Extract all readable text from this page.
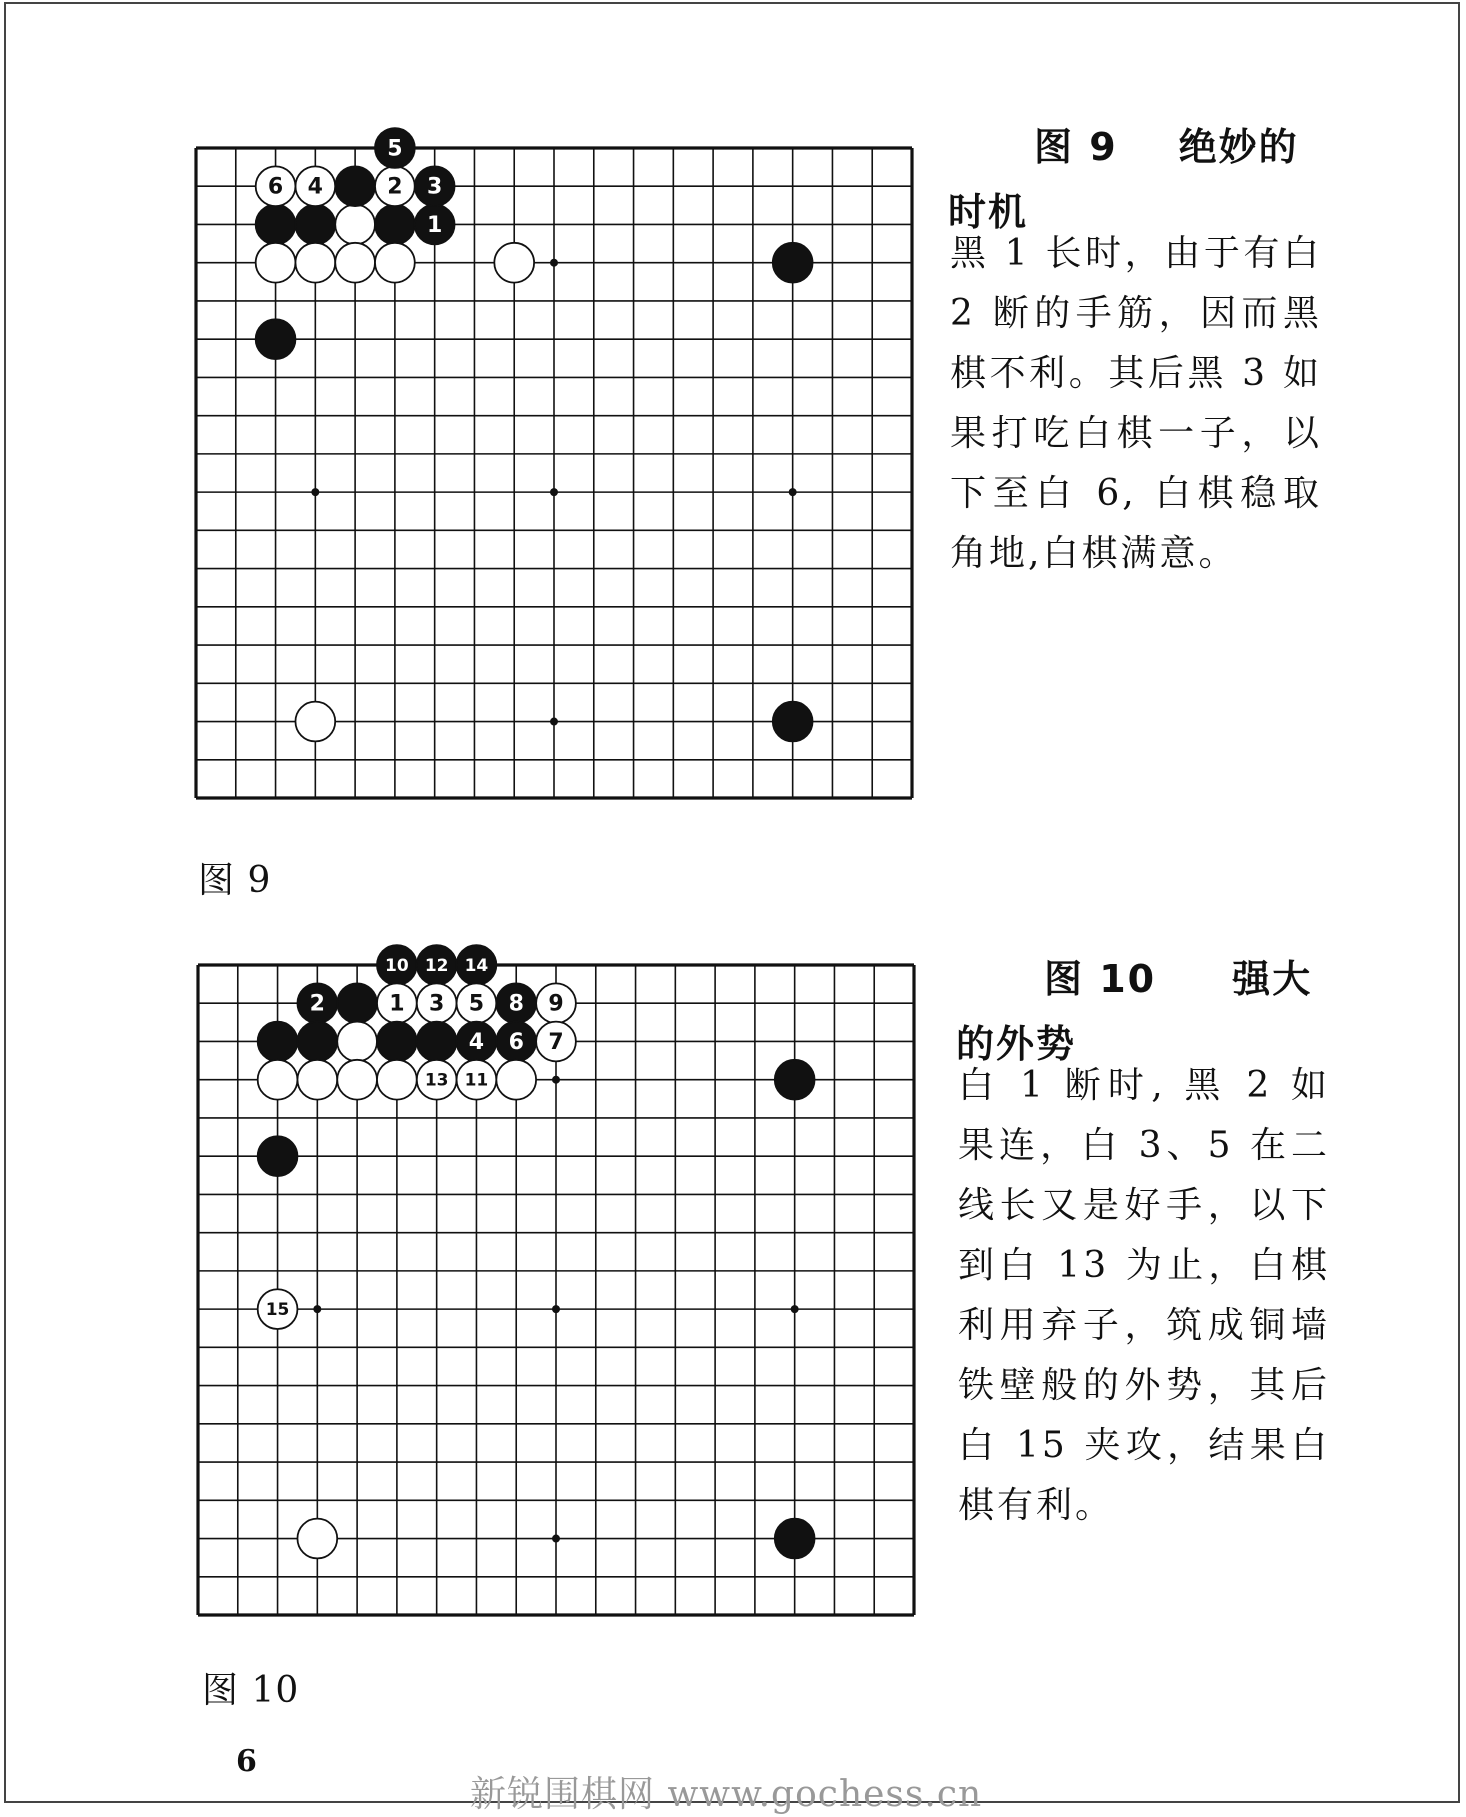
1
2 3
4
5
6
图 9    绝妙的
时机
黑 1 长时，由于有白 2 断的手筋，因而黑棋不利。其后黑 3 如果打吃白棋一子，以下至白 6, 白棋稳取角地,白棋满意。
图 9
10 12 14
2	1 3 5 8 9
4 6 7
13 11
15
图 10     强大
的外势
白 1 断时, 黑 2 如果连，白 3、5 在二线长又是好手，以下到白 13 为止，白棋利用弃子，筑成铜墙铁壁般的外势，其后白 15 夹攻，结果白棋有利。
图 10
6
新锐围棋网 www.gochess.cn
